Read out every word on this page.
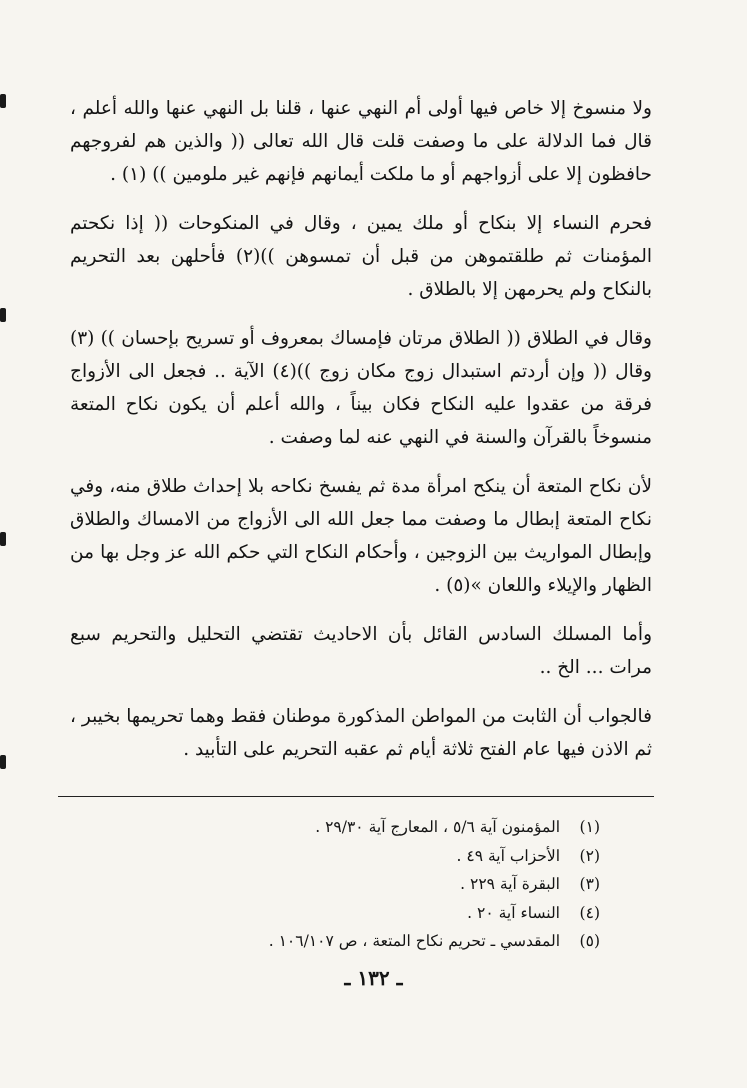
ولا منسوخ إلا خاص فيها أولى أم النهي عنها ، قلنا بل النهي عنها والله أعلم ، قال فما الدلالة على ما وصفت قلت قال الله تعالى (( والذين هم لفروجهم حافظون إلا على أزواجهم أو ما ملكت أيمانهم فإنهم غير ملومين )) (١) .

فحرم النساء إلا بنكاح أو ملك يمين ، وقال في المنكوحات (( إذا نكحتم المؤمنات ثم طلقتموهن من قبل أن تمسوهن ))(٢) فأحلهن بعد التحريم بالنكاح ولم يحرمهن إلا بالطلاق .

وقال في الطلاق (( الطلاق مرتان فإمساك بمعروف أو تسريح بإحسان )) (٣) وقال (( وإن أردتم استبدال زوج مكان زوج ))(٤) الآية .. فجعل الى الأزواج فرقة من عقدوا عليه النكاح فكان بيناً ، والله أعلم أن يكون نكاح المتعة منسوخاً بالقرآن والسنة في النهي عنه لما وصفت .

لأن نكاح المتعة أن ينكح امرأة مدة ثم يفسخ نكاحه بلا إحداث طلاق منه، وفي نكاح المتعة إبطال ما وصفت مما جعل الله الى الأزواج من الامساك والطلاق وإبطال المواريث بين الزوجين ، وأحكام النكاح التي حكم الله عز وجل بها من الظهار والإيلاء واللعان »(٥) .

وأما المسلك السادس القائل بأن الاحاديث تقتضي التحليل والتحريم سبع مرات ... الخ ..

فالجواب أن الثابت من المواطن المذكورة موطنان فقط وهما تحريمها بخيبر ، ثم الاذن فيها عام الفتح ثلاثة أيام ثم عقبه التحريم على التأبيد .

(١)
المؤمنون آية ٥/٦ ، المعارج آية ٢٩/٣٠ .
(٢)
الأحزاب آية ٤٩ .
(٣)
البقرة آية ٢٢٩ .
(٤)
النساء آية ٢٠ .
(٥)
المقدسي ـ تحريم نكاح المتعة ، ص ١٠٦/١٠٧ .
ـ ١٣٢ ـ
